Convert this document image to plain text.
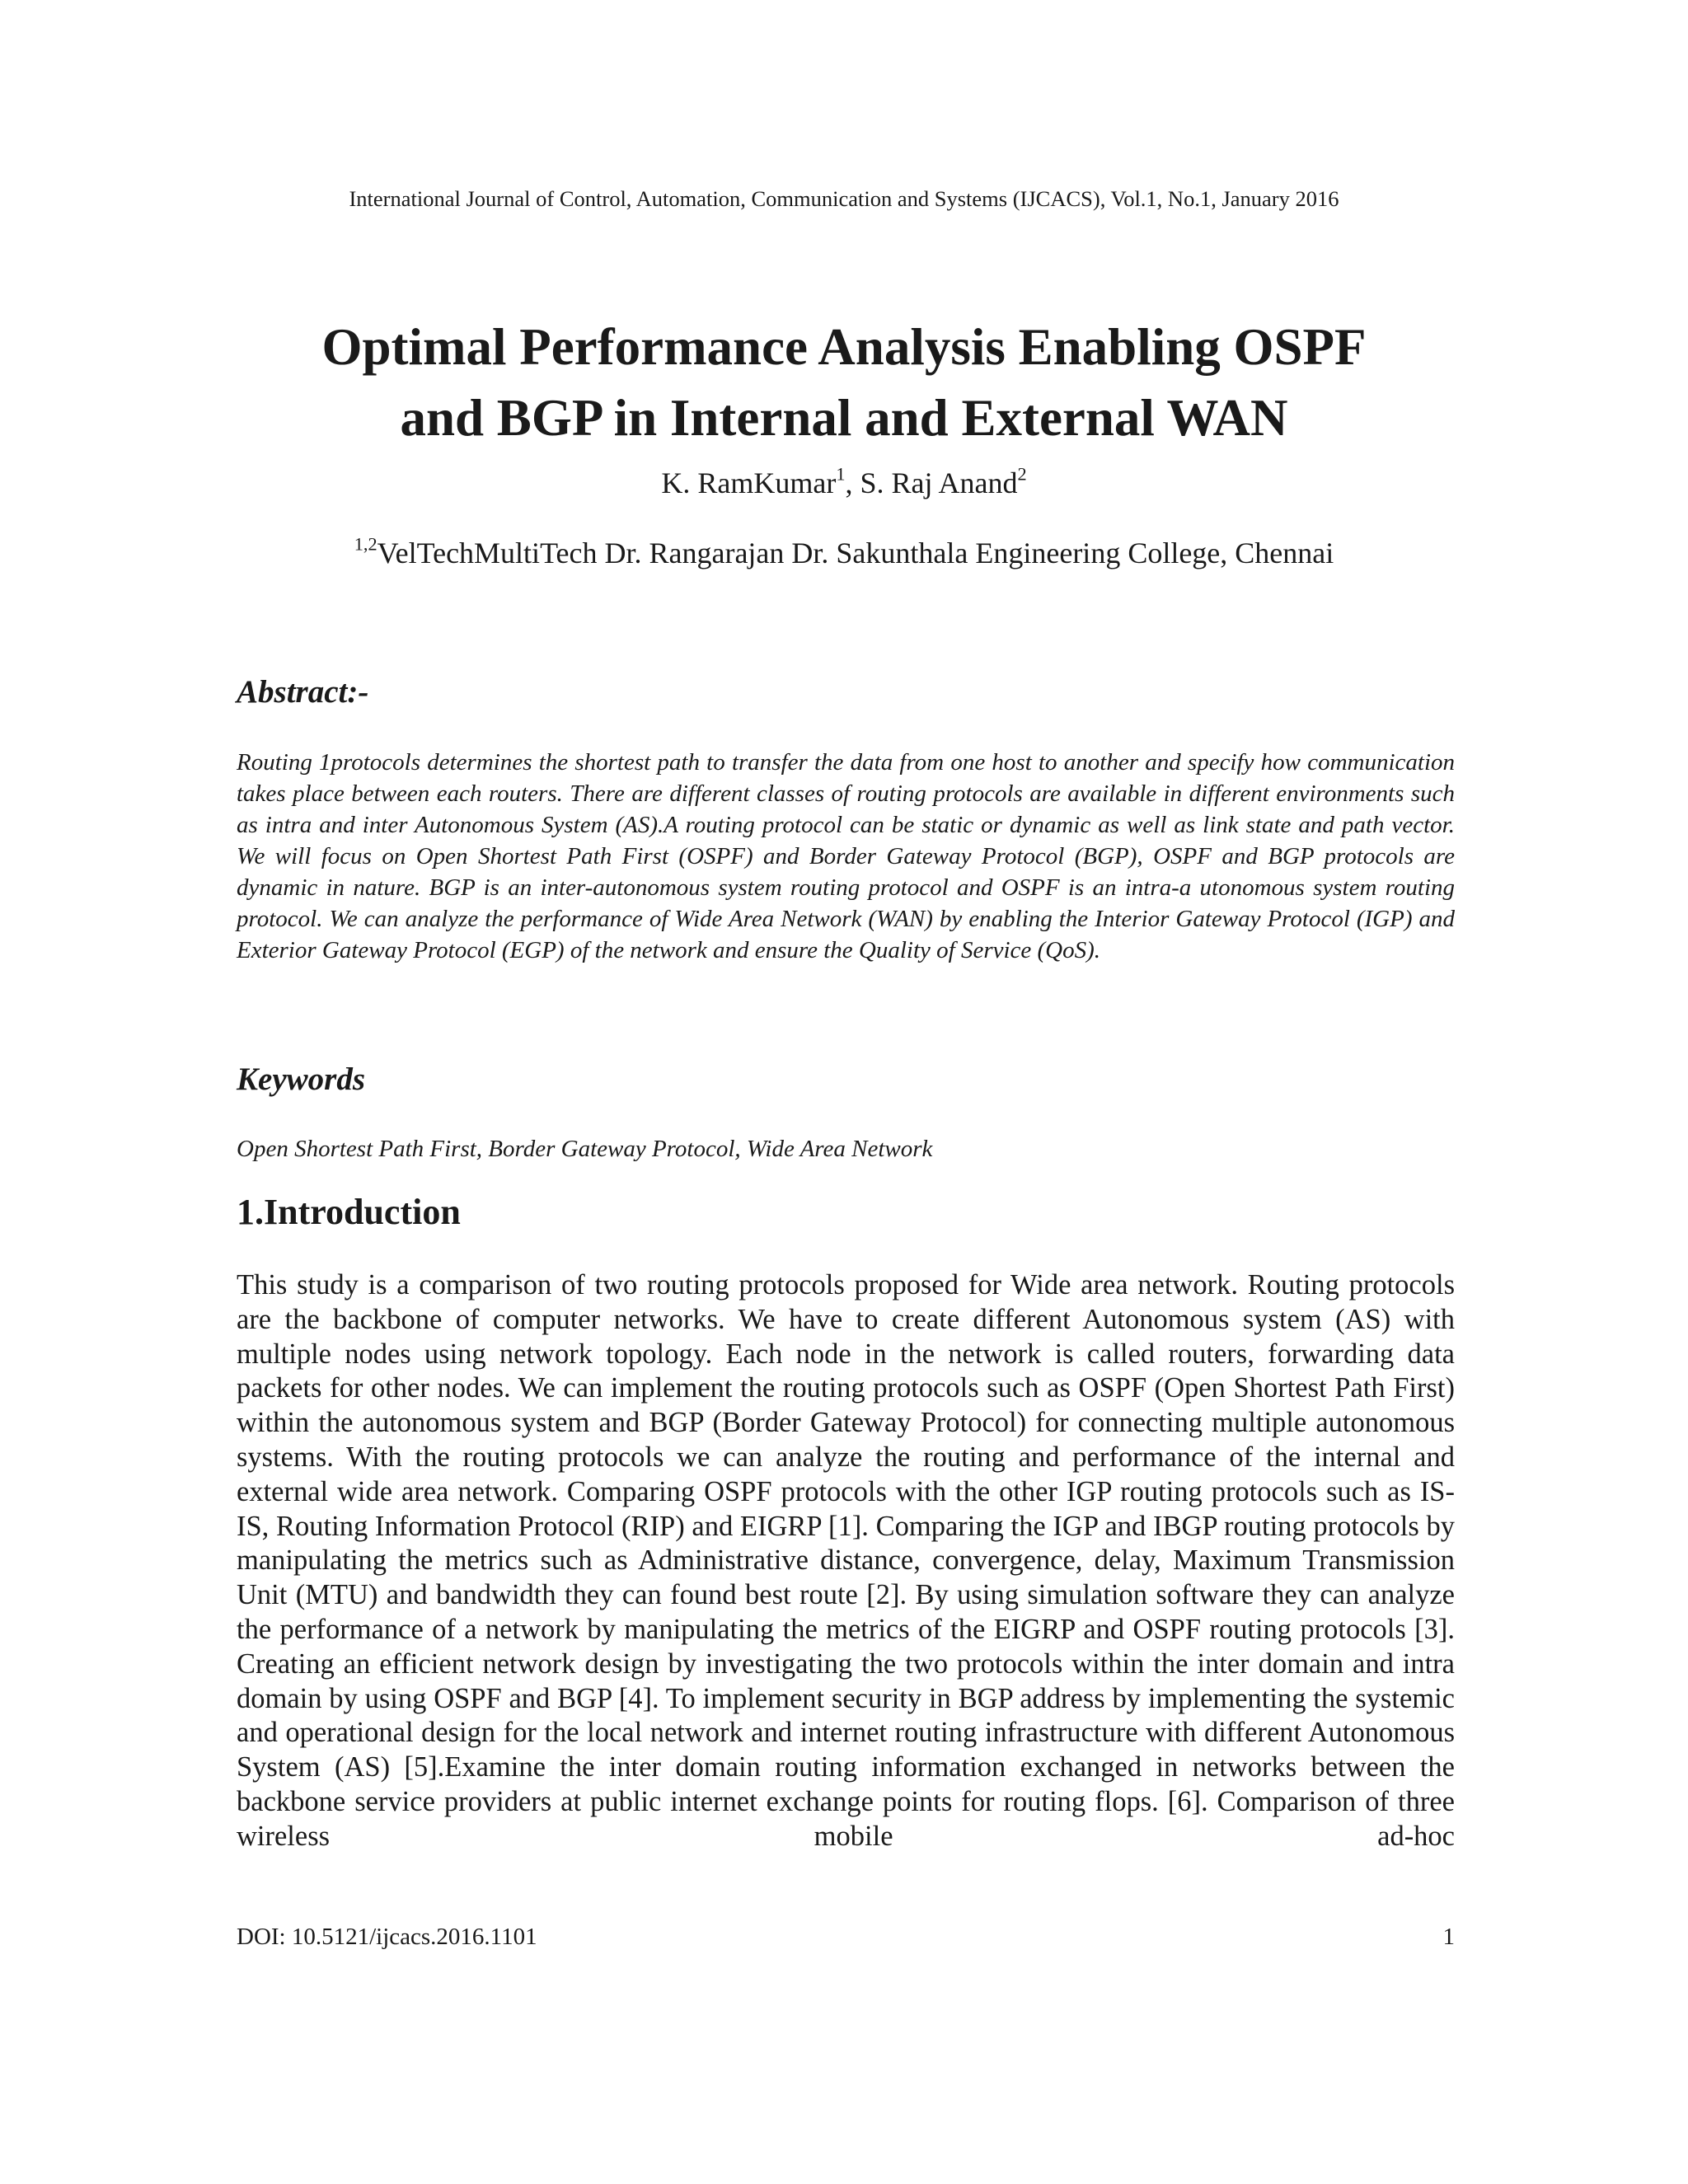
International Journal of Control, Automation, Communication and Systems (IJCACS), Vol.1, No.1, January 2016
Optimal Performance Analysis Enabling OSPF
and BGP in Internal and External WAN
K. RamKumar$^1$, S. Raj Anand$^2$
$^{1,2}$VelTechMultiTech Dr. Rangarajan Dr. Sakunthala Engineering College, Chennai
Abstract:-
Routing 1protocols determines the shortest path to transfer the data from one host to another and specify how communication takes place between each routers. There are different classes of routing protocols are available in different environments such as intra and inter Autonomous System (AS).A routing protocol can be static or dynamic as well as link state and path vector. We will focus on Open Shortest Path First (OSPF) and Border Gateway Protocol (BGP), OSPF and BGP protocols are dynamic in nature. BGP is an inter-autonomous system routing protocol and OSPF is an intra-a utonomous system routing protocol. We can analyze the performance of Wide Area Network (WAN) by enabling the Interior Gateway Protocol (IGP) and Exterior Gateway Protocol (EGP) of the network and ensure the Quality of Service (QoS).
Keywords
Open Shortest Path First, Border Gateway Protocol, Wide Area Network
1.Introduction
This study is a comparison of two routing protocols proposed for Wide area network. Routing protocols are the backbone of computer networks. We have to create different Autonomous system (AS) with multiple nodes using network topology. Each node in the network is called routers, forwarding data packets for other nodes. We can implement the routing protocols such as OSPF (Open Shortest Path First) within the autonomous system and BGP (Border Gateway Protocol) for connecting multiple autonomous systems. With the routing protocols we can analyze the routing and performance of the internal and external wide area network. Comparing OSPF protocols with the other IGP routing protocols such as IS-IS, Routing Information Protocol (RIP) and EIGRP [1]. Comparing the IGP and IBGP routing protocols by manipulating the metrics such as Administrative distance, convergence, delay, Maximum Transmission Unit (MTU) and bandwidth they can found best route [2]. By using simulation software they can analyze the performance of a network by manipulating the metrics of the EIGRP and OSPF routing protocols [3]. Creating an efficient network design by investigating the two protocols within the inter domain and intra domain by using OSPF and BGP [4]. To implement security in BGP address by implementing the systemic and operational design for the local network and internet routing infrastructure with different Autonomous System (AS) [5].Examine the inter domain routing information exchanged in networks between the backbone service providers at public internet exchange points for routing flops. [6]. Comparison of three wireless mobile ad-hoc
DOI: 10.5121/ijcacs.2016.1101	1
